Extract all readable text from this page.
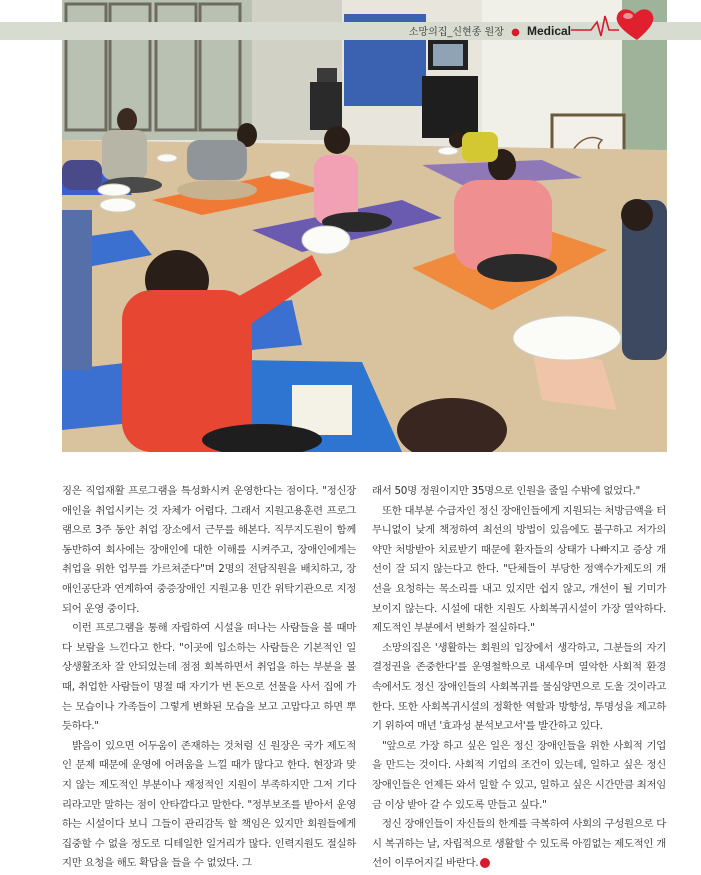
소망의집_신현종 원장 ● Medical

징은 직업재활 프로그램을 특성화시켜 운영한다는 점이다. "정신장애인을 취업시키는 것 자체가 어렵다. 그래서 지원고용훈련 프로그램으로 3주 동안 취업 장소에서 근무를 해본다. 직무지도원이 함께 동반하여 회사에는 장애인에 대한 이해를 시켜주고, 장애인에게는 취업을 위한 업무를 가르쳐준다"며 2명의 전담직원을 배치하고, 장애인공단과 연계하여 중증장애인 지원고용 민간 위탁기관으로 지정되어 운영 중이다.

이런 프로그램을 통해 자립하여 시설을 떠나는 사람들을 볼 때마다 보람을 느낀다고 한다. "이곳에 입소하는 사람들은 기본적인 일상생활조차 잘 안되었는데 점점 회복하면서 취업을 하는 부분을 볼 때, 취업한 사람들이 명절 때 자기가 번 돈으로 선물을 사서 집에 가는 모습이나 가족들이 그렇게 변화된 모습을 보고 고맙다고 하면 뿌듯하다."

밝음이 있으면 어두움이 존재하는 것처럼 신 원장은 국가 제도적인 문제 때문에 운영에 어려움을 느낄 때가 많다고 한다. 현장과 맞지 않는 제도적인 부분이나 재정적인 지원이 부족하지만 그저 기다리라고만 말하는 점이 안타깝다고 말한다. "정부보조를 받아서 운영하는 시설이다 보니 그들이 관리감독 할 책임은 있지만 회원들에게 집중할 수 없을 정도로 디테일한 일거리가 많다. 인력지원도 절실하지만 요청을 해도 확답을 들을 수 없었다. 그

래서 50명 정원이지만 35명으로 인원을 줄일 수밖에 없었다."

또한 대부분 수급자인 정신 장애인들에게 지원되는 처방금액을 터무니없이 낮게 책정하여 최선의 방법이 있음에도 불구하고 저가의 약만 처방받아 치료받기 때문에 환자들의 상태가 나빠지고 증상 개선이 잘 되지 않는다고 한다. "단체들이 부당한 정액수가제도의 개선을 요청하는 목소리를 내고 있지만 쉽지 않고, 개선이 될 기미가 보이지 않는다. 시설에 대한 지원도 사회복귀시설이 가장 열악하다. 제도적인 부분에서 변화가 절실하다."

소망의집은 '생활하는 회원의 입장에서 생각하고, 그분들의 자기결정권을 존중한다'를 운영철학으로 내세우며 열악한 사회적 환경 속에서도 정신 장애인들의 사회복귀를 물심양면으로 도울 것이라고 한다. 또한 사회복귀시설의 정확한 역할과 방향성, 투명성을 제고하기 위하여 매년 '효과성 분석보고서'를 발간하고 있다.

"앞으로 가장 하고 싶은 일은 정신 장애인들을 위한 사회적 기업을 만드는 것이다. 사회적 기업의 조건이 있는데, 일하고 싶은 정신 장애인들은 언제든 와서 일할 수 있고, 일하고 싶은 시간만큼 최저임금 이상 받아 갈 수 있도록 만들고 싶다."

정신 장애인들이 자신들의 한계를 극복하여 사회의 구성원으로 다시 복귀하는 날, 자립적으로 생활할 수 있도록 아낌없는 제도적인 개선이 이루어지길 바란다. E
